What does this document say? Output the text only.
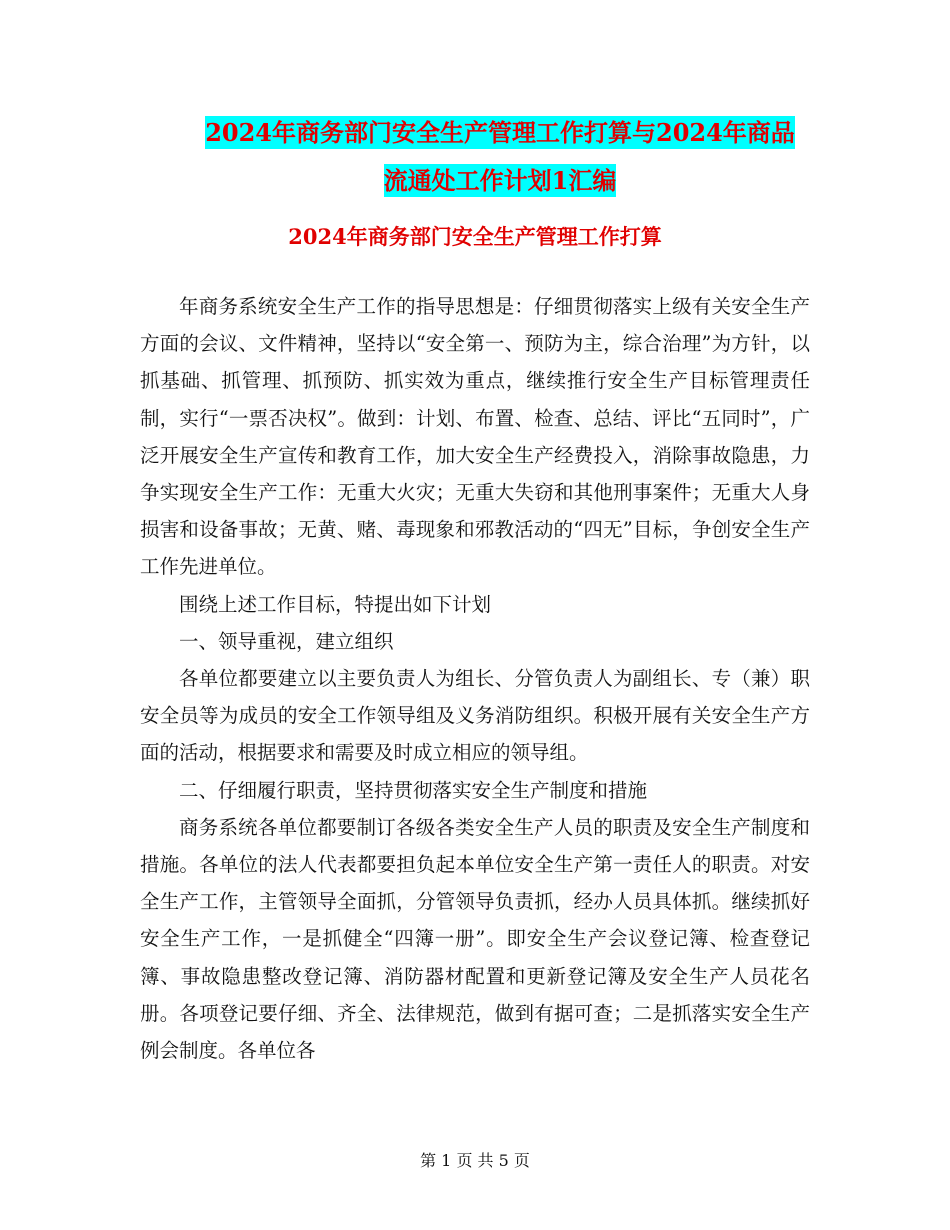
2024年商务部门安全生产管理工作打算与2024年商品
流通处工作计划1汇编
2024年商务部门安全生产管理工作打算

年商务系统安全生产工作的指导思想是：仔细贯彻落实上级有关安全生产方面的会议、文件精神，坚持以“安全第一、预防为主，综合治理”为方针，以抓基础、抓管理、抓预防、抓实效为重点，继续推行安全生产目标管理责任制，实行“一票否决权”。做到：计划、布置、检查、总结、评比“五同时”，广泛开展安全生产宣传和教育工作，加大安全生产经费投入，消除事故隐患，力争实现安全生产工作：无重大火灾；无重大失窃和其他刑事案件；无重大人身损害和设备事故；无黄、赌、毒现象和邪教活动的“四无”目标，争创安全生产工作先进单位。

围绕上述工作目标，特提出如下计划

一、领导重视，建立组织

各单位都要建立以主要负责人为组长、分管负责人为副组长、专（兼）职安全员等为成员的安全工作领导组及义务消防组织。积极开展有关安全生产方面的活动，根据要求和需要及时成立相应的领导组。

二、仔细履行职责，坚持贯彻落实安全生产制度和措施

商务系统各单位都要制订各级各类安全生产人员的职责及安全生产制度和措施。各单位的法人代表都要担负起本单位安全生产第一责任人的职责。对安全生产工作，主管领导全面抓，分管领导负责抓，经办人员具体抓。继续抓好安全生产工作，一是抓健全“四簿一册”。即安全生产会议登记簿、检查登记簿、事故隐患整改登记簿、消防器材配置和更新登记簿及安全生产人员花名册。各项登记要仔细、齐全、法律规范，做到有据可查；二是抓落实安全生产例会制度。各单位各

第 1 页 共 5 页
